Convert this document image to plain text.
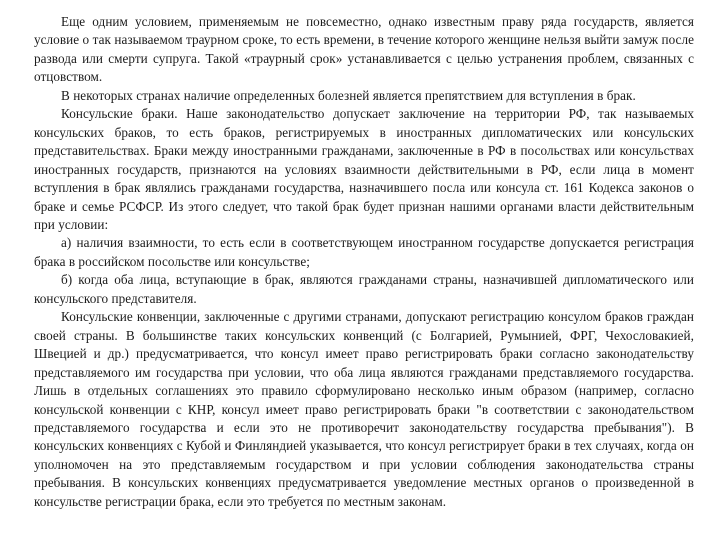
Еще одним условием, применяемым не повсеместно, однако известным праву ряда государств, является условие о так называемом траурном сроке, то есть времени, в течение которого женщине нельзя выйти замуж после развода или смерти супруга. Такой «траурный срок» устанавливается с целью устранения проблем, связанных с отцовством.

В некоторых странах наличие определенных болезней является препятствием для вступления в брак.

Консульские браки. Наше законодательство допускает заключение на территории РФ, так называемых консульских браков, то есть браков, регистрируемых в иностранных дипломатических или консульских представительствах. Браки между иностранными гражданами, заключенные в РФ в посольствах или консульствах иностранных государств, признаются на условиях взаимности действительными в РФ, если лица в момент вступления в брак являлись гражданами государства, назначившего посла или консула ст. 161 Кодекса законов о браке и семье РСФСР. Из этого следует, что такой брак будет признан нашими органами власти действительным при условии:

а) наличия взаимности, то есть если в соответствующем иностранном государстве допускается регистрация брака в российском посольстве или консульстве;

б) когда оба лица, вступающие в брак, являются гражданами страны, назначившей дипломатического или консульского представителя.

Консульские конвенции, заключенные с другими странами, допускают регистрацию консулом браков граждан своей страны. В большинстве таких консульских конвенций (с Болгарией, Румынией, ФРГ, Чехословакией, Швецией и др.) предусматривается, что консул имеет право регистрировать браки согласно законодательству представляемого им государства при условии, что оба лица являются гражданами представляемого государства. Лишь в отдельных соглашениях это правило сформулировано несколько иным образом (например, согласно консульской конвенции с КНР, консул имеет право регистрировать браки "в соответствии с законодательством представляемого государства и если это не противоречит законодательству государства пребывания"). В консульских конвенциях с Кубой и Финляндией указывается, что консул регистрирует браки в тех случаях, когда он уполномочен на это представляемым государством и при условии соблюдения законодательства страны пребывания. В консульских конвенциях предусматривается уведомление местных органов о произведенной в консульстве регистрации брака, если это требуется по местным законам.
